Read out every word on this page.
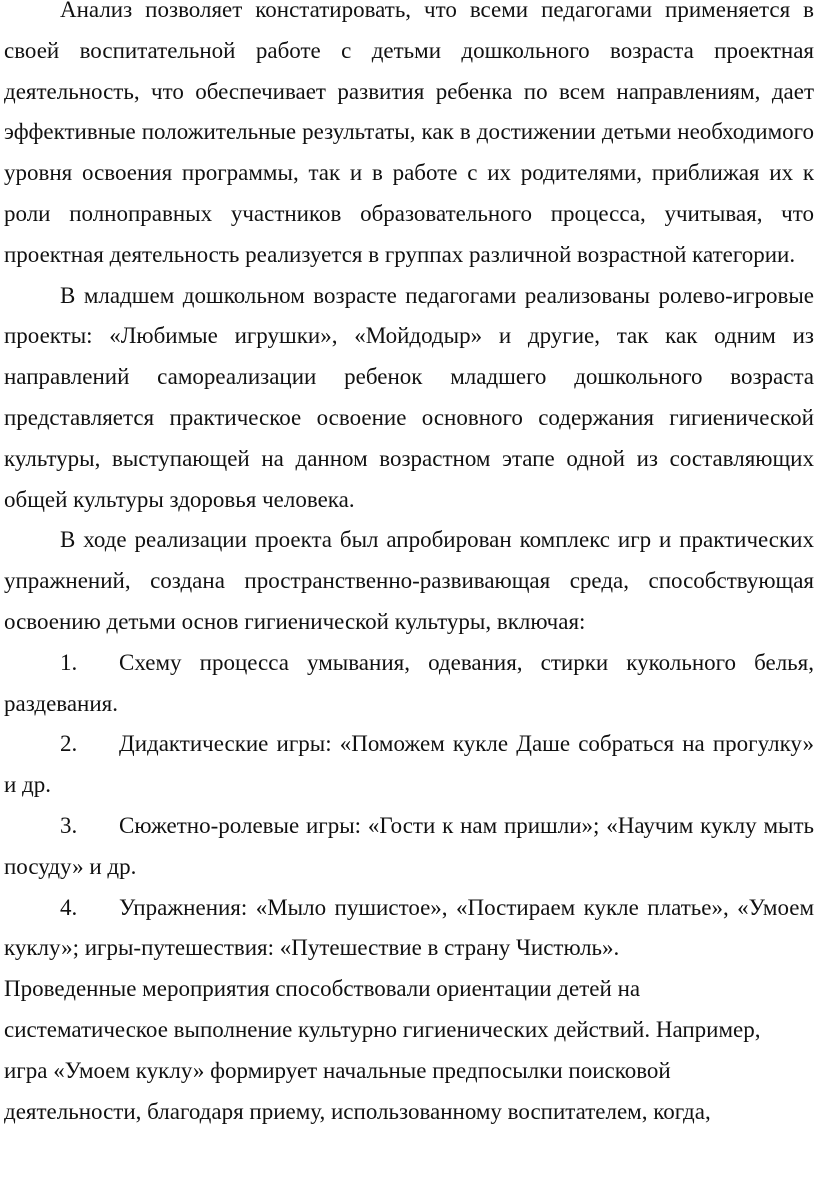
Анализ позволяет констатировать, что всеми педагогами применяется в своей воспитательной работе с детьми дошкольного возраста проектная деятельность, что обеспечивает развития ребенка по всем направлениям, дает эффективные положительные результаты, как в достижении детьми необходимого уровня освоения программы, так и в работе с их родителями, приближая их к роли полноправных участников образовательного процесса, учитывая, что проектная деятельность реализуется в группах различной возрастной категории.

В младшем дошкольном возрасте педагогами реализованы ролево-игровые проекты: «Любимые игрушки», «Мойдодыр» и другие, так как одним из направлений самореализации ребенок младшего дошкольного возраста представляется практическое освоение основного содержания гигиенической культуры, выступающей на данном возрастном этапе одной из составляющих общей культуры здоровья человека.

В ходе реализации проекта был апробирован комплекс игр и практических упражнений, создана пространственно-развивающая среда, способствующая освоению детьми основ гигиенической культуры, включая:

1. Схему процесса умывания, одевания, стирки кукольного белья, раздевания.

2. Дидактические игры: «Поможем кукле Даше собраться на прогулку» и др.

3. Сюжетно-ролевые игры: «Гости к нам пришли»; «Научим куклу мыть посуду» и др.

4. Упражнения: «Мыло пушистое», «Постираем кукле платье», «Умоем куклу»; игры-путешествия: «Путешествие в страну Чистюль».

Проведенные мероприятия способствовали ориентации детей на

систематическое выполнение культурно гигиенических действий. Например,

игра «Умоем куклу» формирует начальные предпосылки поисковой

деятельности, благодаря приему, использованному воспитателем, когда,
